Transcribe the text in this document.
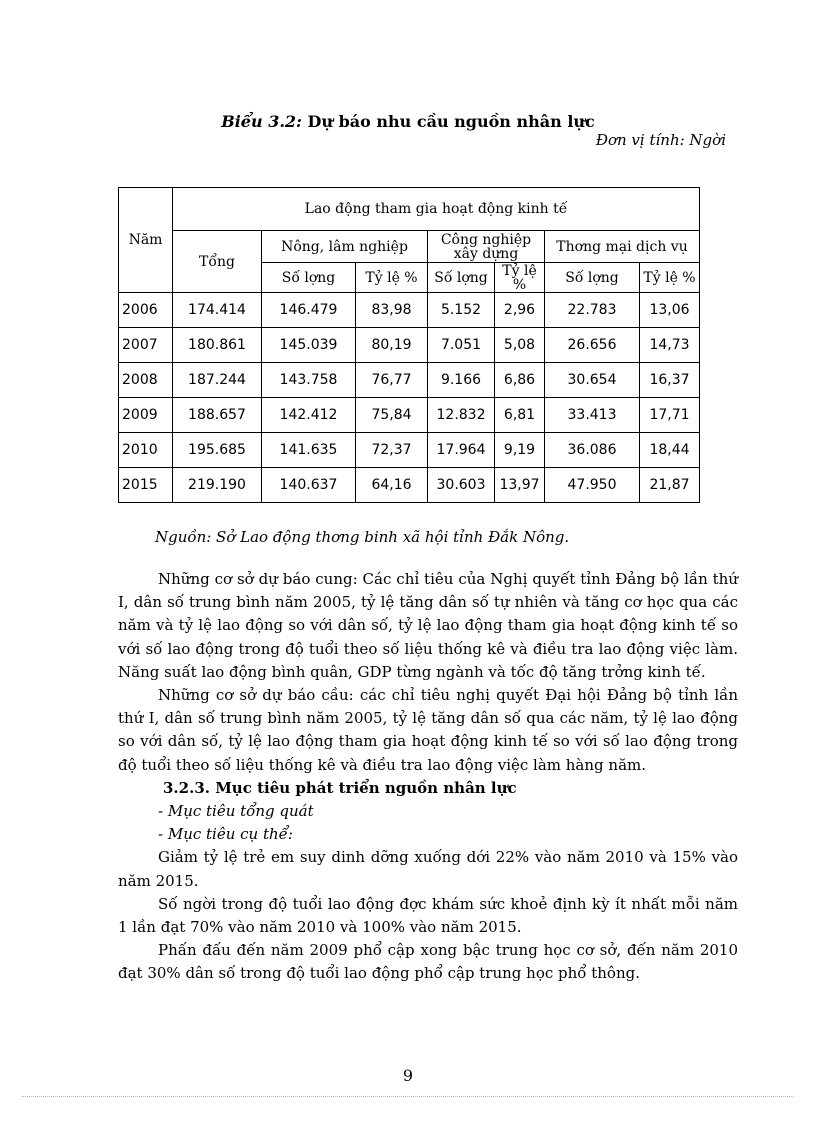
Biểu 3.2: Dự báo nhu cầu nguồn nhân lực
Đơn vị tính: Ngời
Năm	Lao động tham gia hoạt động kinh tế						
	Tổng	Nông, lâm nghiệp		Công nghiệp xây dựng		Thơng mại dịch vụ	
		Số lợng	Tỷ lệ %	Số lợng	Tỷ lệ %	Số lợng	Tỷ lệ %
2006	174.414	146.479	83,98	5.152	2,96	22.783	13,06
2007	180.861	145.039	80,19	7.051	5,08	26.656	14,73
2008	187.244	143.758	76,77	9.166	6,86	30.654	16,37
2009	188.657	142.412	75,84	12.832	6,81	33.413	17,71
2010	195.685	141.635	72,37	17.964	9,19	36.086	18,44
2015	219.190	140.637	64,16	30.603	13,97	47.950	21,87
Nguồn: Sở Lao động thơng binh xã hội tỉnh Đắk Nông.

Những cơ sở dự báo cung: Các chỉ tiêu của Nghị quyết tỉnh Đảng bộ lần thứ I, dân số trung bình năm 2005, tỷ lệ tăng dân số tự nhiên và tăng cơ học qua các năm và tỷ lệ lao động so với dân số, tỷ lệ lao động tham gia hoạt động kinh tế so với số lao động trong độ tuổi theo số liệu thống kê và điều tra lao động việc làm. Năng suất lao động bình quân, GDP từng ngành và tốc độ tăng trởng kinh tế.

Những cơ sở dự báo cầu: các chỉ tiêu nghị quyết Đại hội Đảng bộ tỉnh lần thứ I, dân số trung bình năm 2005, tỷ lệ tăng dân số qua các năm, tỷ lệ lao động so với dân số, tỷ lệ lao động tham gia hoạt động kinh tế so với số lao động trong độ tuổi theo số liệu thống kê và điều tra lao động việc làm hàng năm.

3.2.3. Mục tiêu phát triển nguồn nhân lực

- Mục tiêu tổng quát

- Mục tiêu cụ thể:

Giảm tỷ lệ trẻ em suy dinh dỡng xuống dới 22% vào năm 2010 và 15% vào năm 2015.

Số ngời trong độ tuổi lao động đợc khám sức khoẻ định kỳ ít nhất mỗi năm 1 lần đạt 70% vào năm 2010 và 100% vào năm 2015.

Phấn đấu đến năm 2009 phổ cập xong bậc trung học cơ sở, đến năm 2010 đạt 30% dân số trong độ tuổi lao động phổ cập trung học phổ thông.

9
